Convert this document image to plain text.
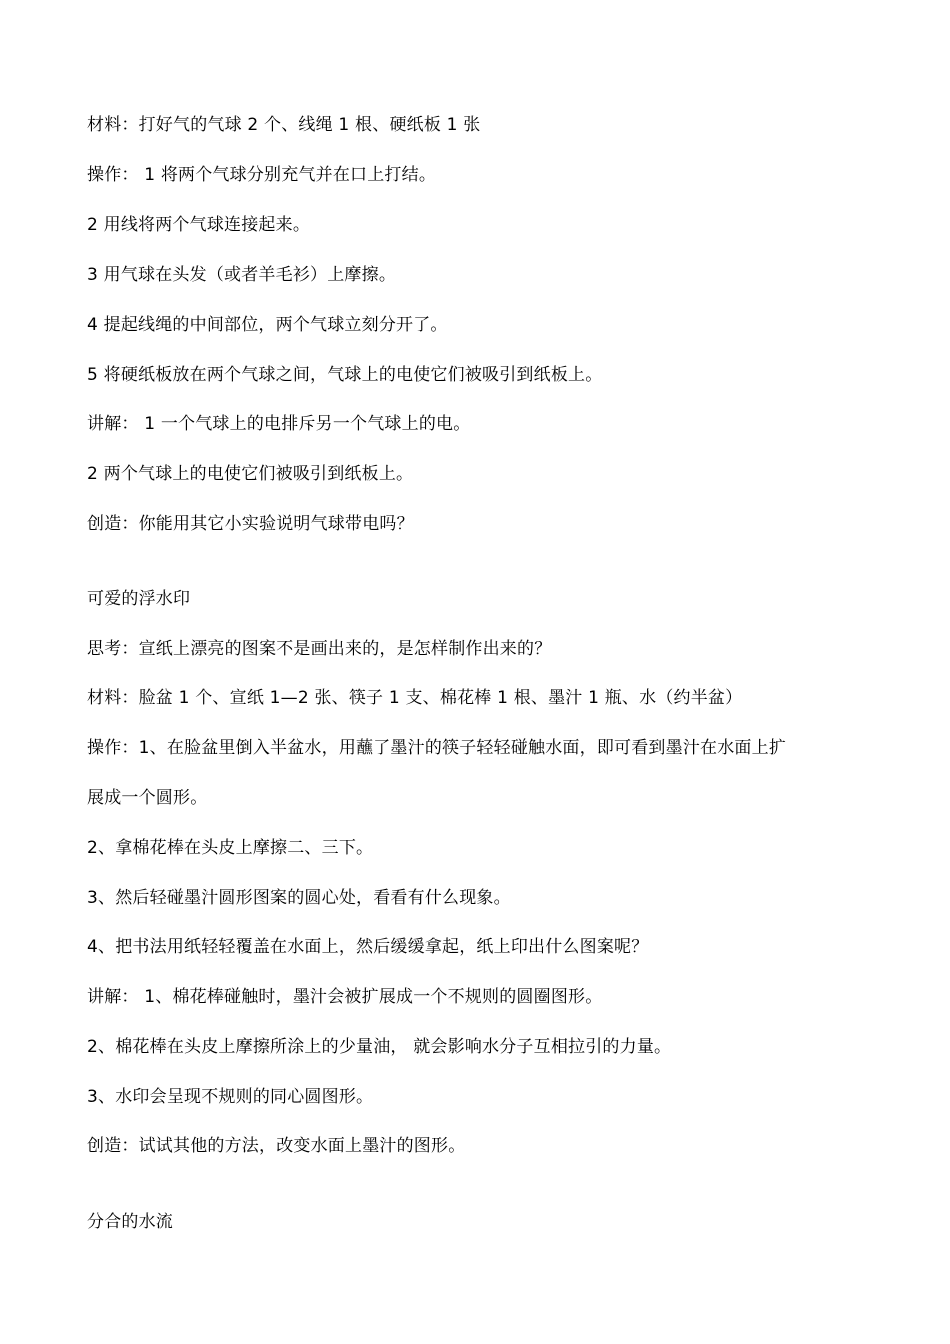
材料：打好气的气球 2 个、线绳 1 根、硬纸板 1 张
操作： 1 将两个气球分别充气并在口上打结。
2 用线将两个气球连接起来。
3 用气球在头发（或者羊毛衫）上摩擦。
4 提起线绳的中间部位，两个气球立刻分开了。
5 将硬纸板放在两个气球之间，气球上的电使它们被吸引到纸板上。
讲解： 1 一个气球上的电排斥另一个气球上的电。
2 两个气球上的电使它们被吸引到纸板上。
创造：你能用其它小实验说明气球带电吗？
可爱的浮水印
思考：宣纸上漂亮的图案不是画出来的，是怎样制作出来的？
材料：脸盆 1 个、宣纸 1—2 张、筷子 1 支、棉花棒 1 根、墨汁 1 瓶、水（约半盆）
操作：1、在脸盆里倒入半盆水，用蘸了墨汁的筷子轻轻碰触水面，即可看到墨汁在水面上扩
展成一个圆形。
2、拿棉花棒在头皮上摩擦二、三下。
3、然后轻碰墨汁圆形图案的圆心处，看看有什么现象。
4、把书法用纸轻轻覆盖在水面上，然后缓缓拿起，纸上印出什么图案呢？
讲解： 1、棉花棒碰触时，墨汁会被扩展成一个不规则的圆圈图形。
2、棉花棒在头皮上摩擦所涂上的少量油， 就会影响水分子互相拉引的力量。
3、水印会呈现不规则的同心圆图形。
创造：试试其他的方法，改变水面上墨汁的图形。
分合的水流
